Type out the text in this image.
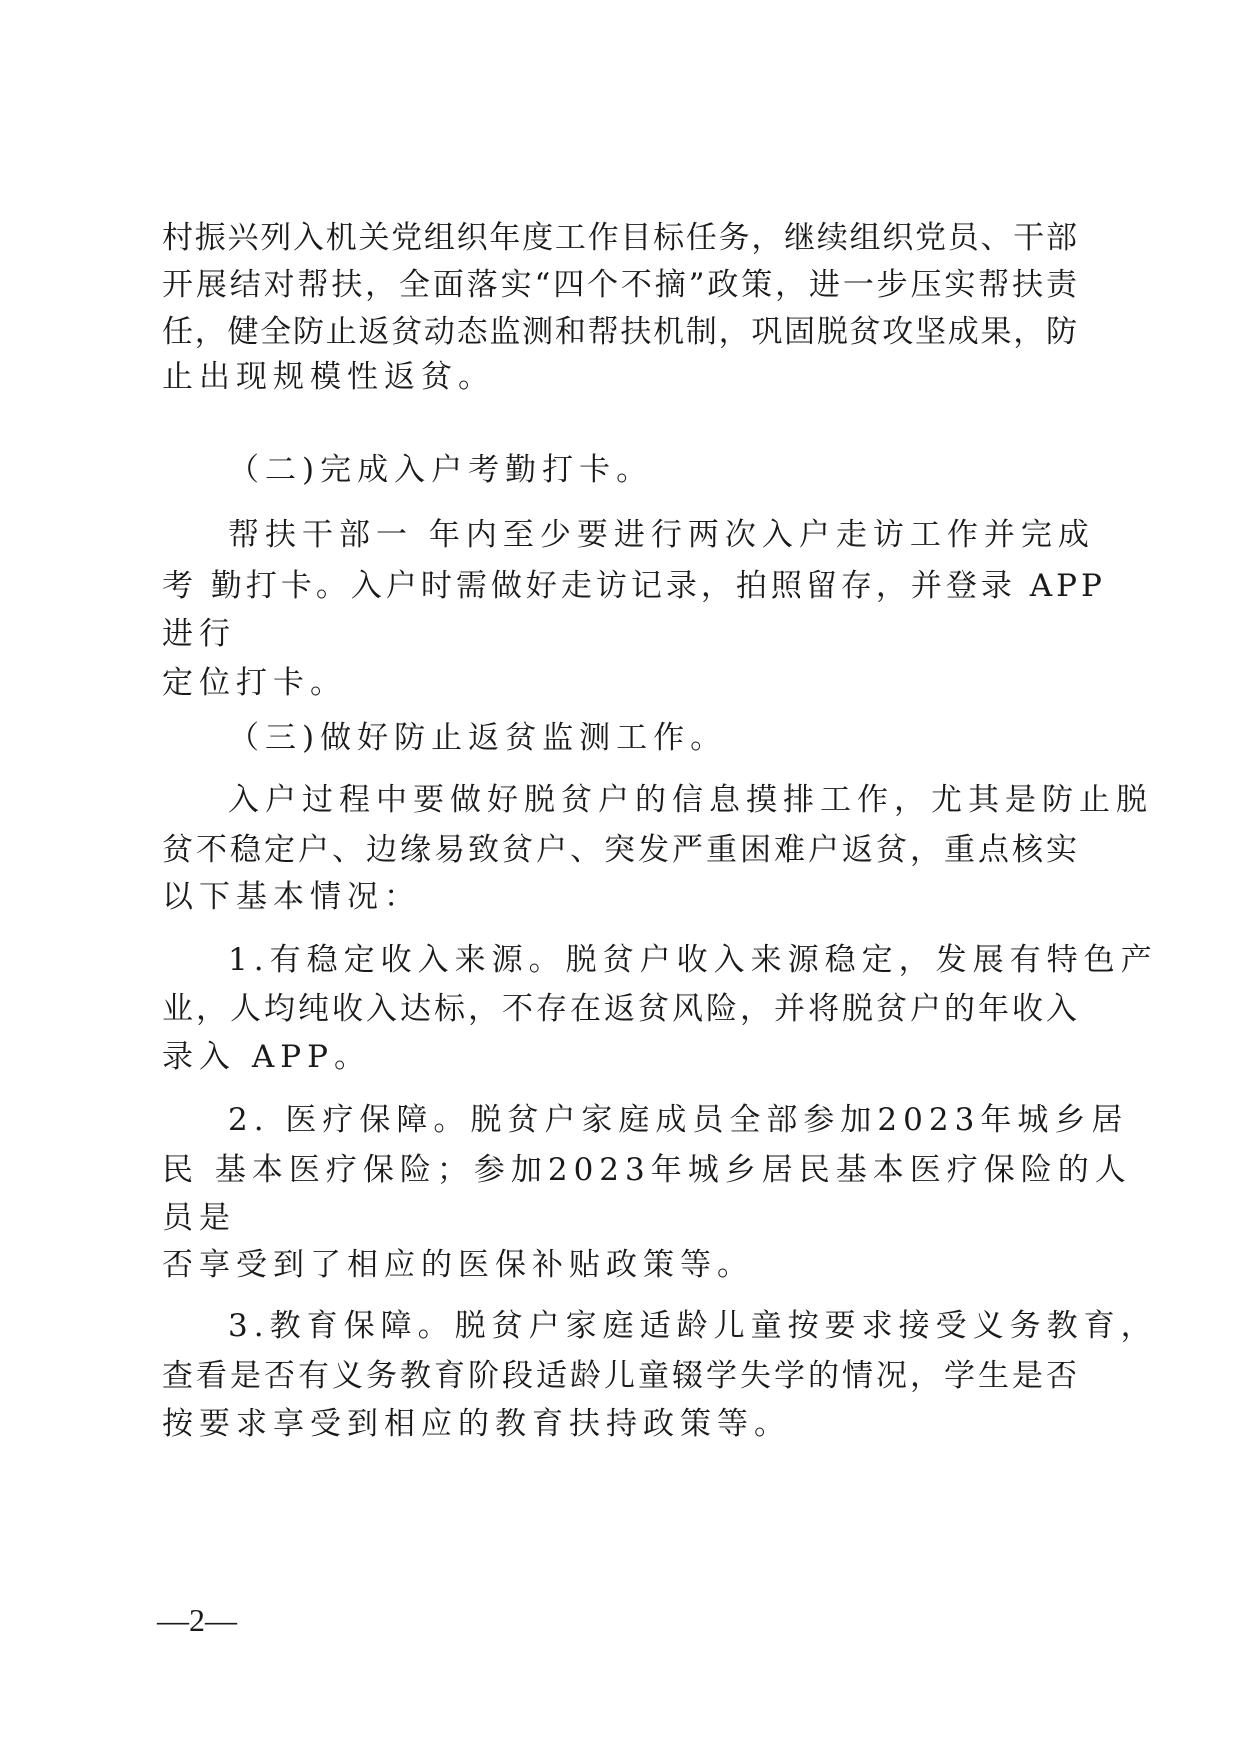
村振兴列入机关党组织年度工作目标任务，继续组织党员、干部
开展结对帮扶，全面落实“四个不摘”政策，进一步压实帮扶责
任，健全防止返贫动态监测和帮扶机制，巩固脱贫攻坚成果，防
止出现规模性返贫。
（二)完成入户考勤打卡。
帮扶干部一 年内至少要进行两次入户走访工作并完成
考 勤打卡。入户时需做好走访记录，拍照留存，并登录 APP
进行
定位打卡。
（三)做好防止返贫监测工作。
入户过程中要做好脱贫户的信息摸排工作，尤其是防止脱
贫不稳定户、边缘易致贫户、突发严重困难户返贫，重点核实
以下基本情况：
1.有稳定收入来源。脱贫户收入来源稳定，发展有特色产
业，人均纯收入达标，不存在返贫风险，并将脱贫户的年收入
录入 APP。
2. 医疗保障。脱贫户家庭成员全部参加2023年城乡居
民 基本医疗保险；参加2023年城乡居民基本医疗保险的人
员是
否享受到了相应的医保补贴政策等。
3.教育保障。脱贫户家庭适龄儿童按要求接受义务教育，
查看是否有义务教育阶段适龄儿童辍学失学的情况，学生是否
按要求享受到相应的教育扶持政策等。
—2—
